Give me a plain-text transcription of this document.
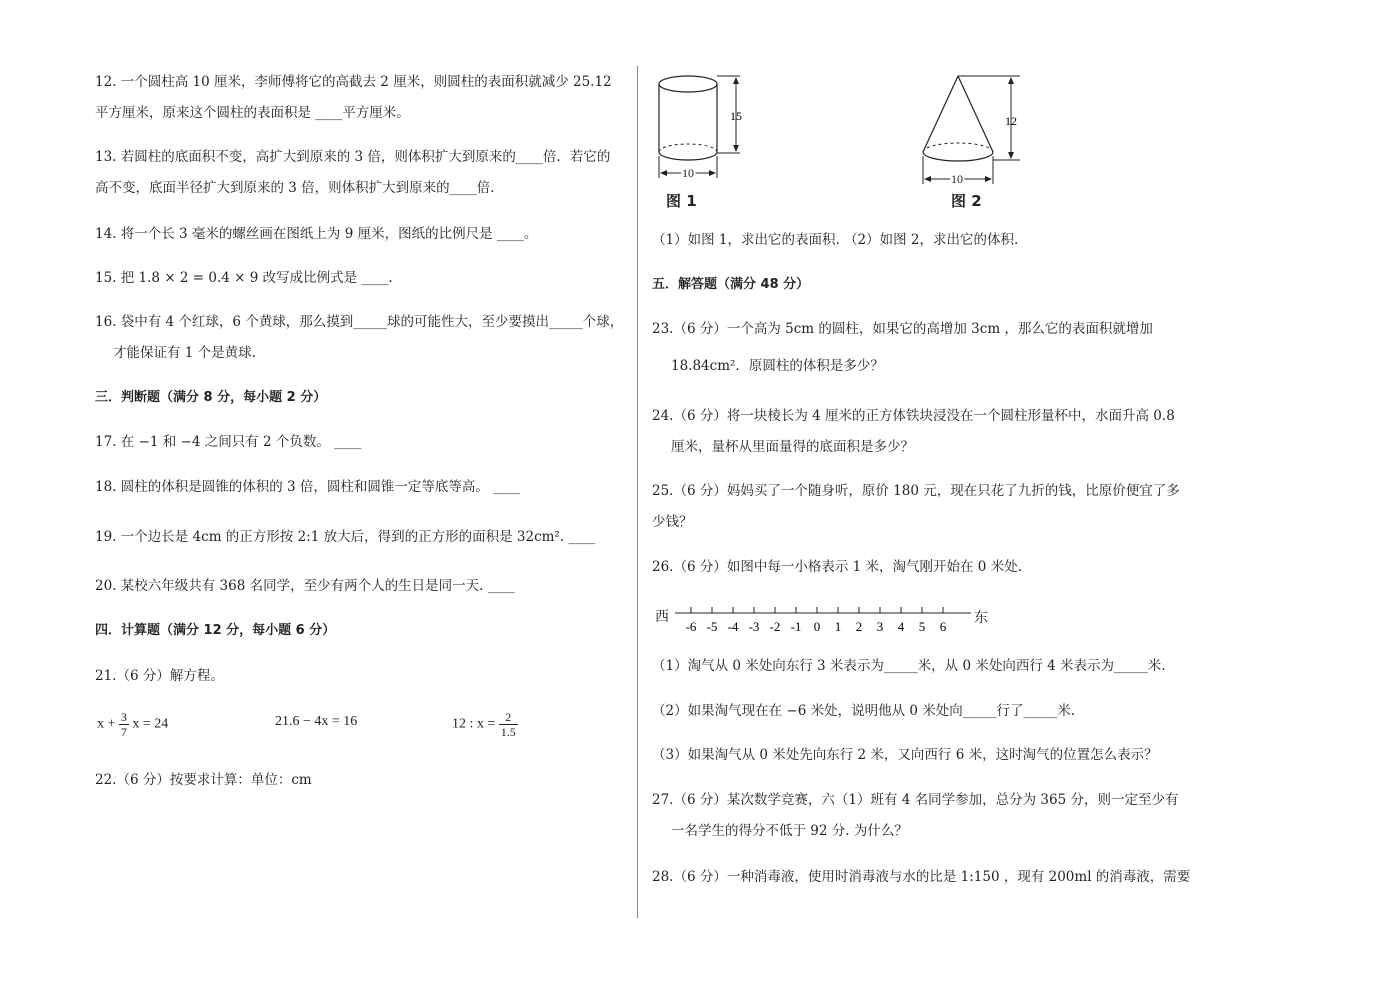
12. 一个圆柱高 10 厘米，李师傅将它的高截去 2 厘米，则圆柱的表面积就减少 25.12
平方厘米，原来这个圆柱的表面积是 ____平方厘米。
13. 若圆柱的底面积不变，高扩大到原来的 3 倍，则体积扩大到原来的____倍．若它的
高不变，底面半径扩大到原来的 3 倍，则体积扩大到原来的____倍.
14. 将一个长 3 毫米的螺丝画在图纸上为 9 厘米，图纸的比例尺是 ____。
15. 把 1.8 × 2 = 0.4 × 9 改写成比例式是 ____.
16. 袋中有 4 个红球，6 个黄球，那么摸到_____球的可能性大，至少要摸出_____个球，
才能保证有 1 个是黄球.
三．判断题（满分 8 分，每小题 2 分）
17. 在 −1 和 −4 之间只有 2 个负数。 ____
18. 圆柱的体积是圆锥的体积的 3 倍，圆柱和圆锥一定等底等高。 ____
19. 一个边长是 4cm 的正方形按 2:1 放大后，得到的正方形的面积是 32cm². ____
20. 某校六年级共有 368 名同学，至少有两个人的生日是同一天. ____
四．计算题（满分 12 分，每小题 6 分）
21.（6 分）解方程。
$x + \frac{3}{7}$ x = 24	21.6 − 4x = 16	12 : $x = \frac{2}{1.5}$
22.（6 分）按要求计算：单位：cm
15
10
图 1
12
10
图 2
（1）如图 1，求出它的表面积. （2）如图 2，求出它的体积.
五．解答题（满分 48 分）
23.（6 分）一个高为 5cm 的圆柱，如果它的高增加 3cm ，那么它的表面积就增加
18.84cm²．原圆柱的体积是多少？
24.（6 分）将一块棱长为 4 厘米的正方体铁块浸没在一个圆柱形量杯中，水面升高 0.8
厘米，量杯从里面量得的底面积是多少？
25.（6 分）妈妈买了一个随身听，原价 180 元，现在只花了九折的钱，比原价便宜了多
少钱？
26.（6 分）如图中每一小格表示 1 米，淘气刚开始在 0 米处.
西
-6 -5 -4 -3 -2 -1 0 1 2 3 4 5 6
东
（1）淘气从 0 米处向东行 3 米表示为_____米，从 0 米处向西行 4 米表示为_____米.
（2）如果淘气现在在 −6 米处，说明他从 0 米处向_____行了_____米.
（3）如果淘气从 0 米处先向东行 2 米，又向西行 6 米，这时淘气的位置怎么表示？
27.（6 分）某次数学竞赛，六（1）班有 4 名同学参加，总分为 365 分，则一定至少有
一名学生的得分不低于 92 分. 为什么？
28.（6 分）一种消毒液，使用时消毒液与水的比是 1:150 ，现有 200ml 的消毒液，需要
